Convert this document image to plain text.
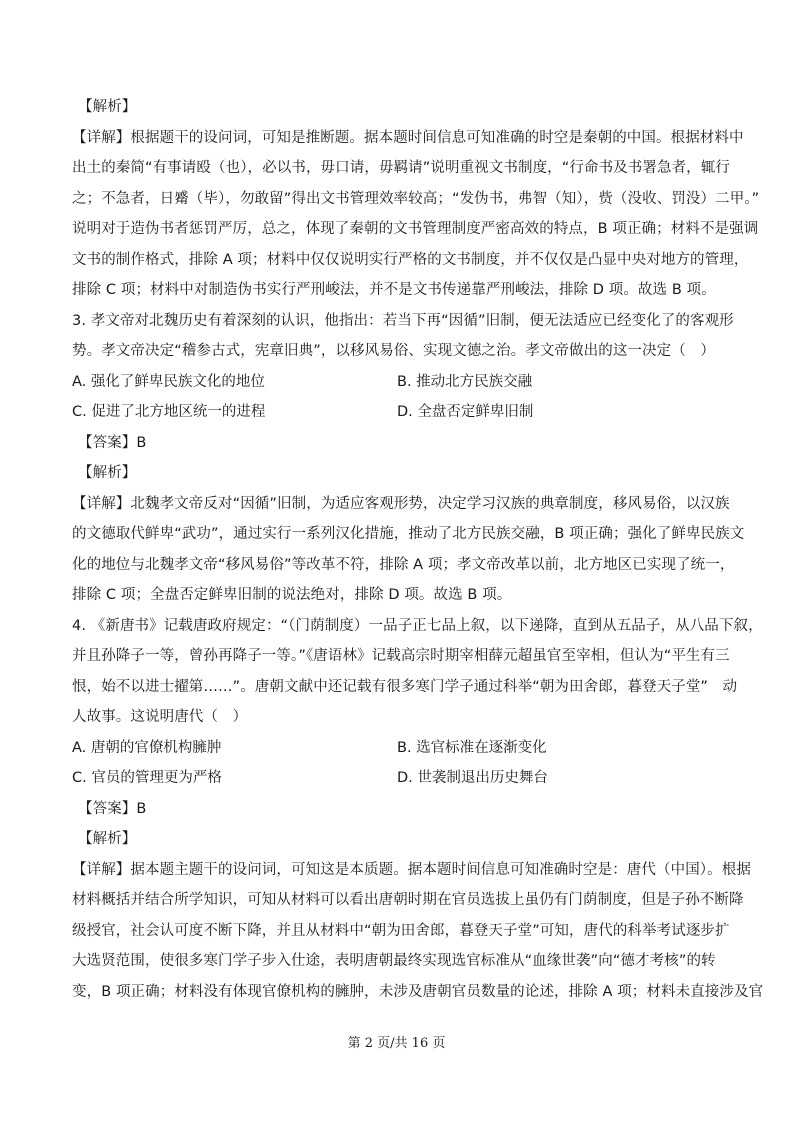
【解析】
【详解】根据题干的设问词，可知是推断题。据本题时间信息可知准确的时空是秦朝的中国。根据材料中
出土的秦简“有事请殴（也），必以书，毋口请，毋羁请”说明重视文书制度，“行命书及书署急者，辄行
之；不急者，日觱（毕），勿敢留”得出文书管理效率较高；“发伪书，弗智（知），赀（没收、罚没）二甲。”
说明对于造伪书者惩罚严厉，总之，体现了秦朝的文书管理制度严密高效的特点，B 项正确；材料不是强调
文书的制作格式，排除 A 项；材料中仅仅说明实行严格的文书制度，并不仅仅是凸显中央对地方的管理，
排除 C 项；材料中对制造伪书实行严刑峻法，并不是文书传递靠严刑峻法，排除 D 项。故选 B 项。
3. 孝文帝对北魏历史有着深刻的认识，他指出：若当下再“因循”旧制，便无法适应已经变化了的客观形
势。孝文帝决定“稽参古式，宪章旧典”，以移风易俗、实现文德之治。孝文帝做出的这一决定（　）
A. 强化了鲜卑民族文化的地位	B. 推动北方民族交融
C. 促进了北方地区统一的进程	D. 全盘否定鲜卑旧制
【答案】B
【解析】
【详解】北魏孝文帝反对“因循”旧制，为适应客观形势，决定学习汉族的典章制度，移风易俗，以汉族
的文德取代鲜卑“武功”，通过实行一系列汉化措施，推动了北方民族交融，B 项正确；强化了鲜卑民族文
化的地位与北魏孝文帝“移风易俗”等改革不符，排除 A 项；孝文帝改革以前，北方地区已实现了统一，
排除 C 项；全盘否定鲜卑旧制的说法绝对，排除 D 项。故选 B 项。
4. 《新唐书》记载唐政府规定：“（门荫制度）一品子正七品上叙，以下递降，直到从五品子，从八品下叙，
并且孙降子一等，曾孙再降子一等。”《唐语林》记载高宗时期宰相薛元超虽官至宰相，但认为“平生有三
恨，始不以进士擢第……”。唐朝文献中还记载有很多寒门学子通过科举“朝为田舍郎，暮登天子堂”　动
人故事。这说明唐代（　）
A. 唐朝的官僚机构臃肿	B. 选官标准在逐渐变化
C. 官员的管理更为严格	D. 世袭制退出历史舞台
【答案】B
【解析】
【详解】据本题主题干的设问词，可知这是本质题。据本题时间信息可知准确时空是：唐代（中国）。根据
材料概括并结合所学知识，可知从材料可以看出唐朝时期在官员选拔上虽仍有门荫制度，但是子孙不断降
级授官，社会认可度不断下降，并且从材料中“朝为田舍郎，暮登天子堂”可知，唐代的科举考试逐步扩
大选贤范围，使很多寒门学子步入仕途，表明唐朝最终实现选官标准从“血缘世袭”向“德才考核”的转
变，B 项正确；材料没有体现官僚机构的臃肿，未涉及唐朝官员数量的论述，排除 A 项；材料未直接涉及官
第 2 页/共 16 页
